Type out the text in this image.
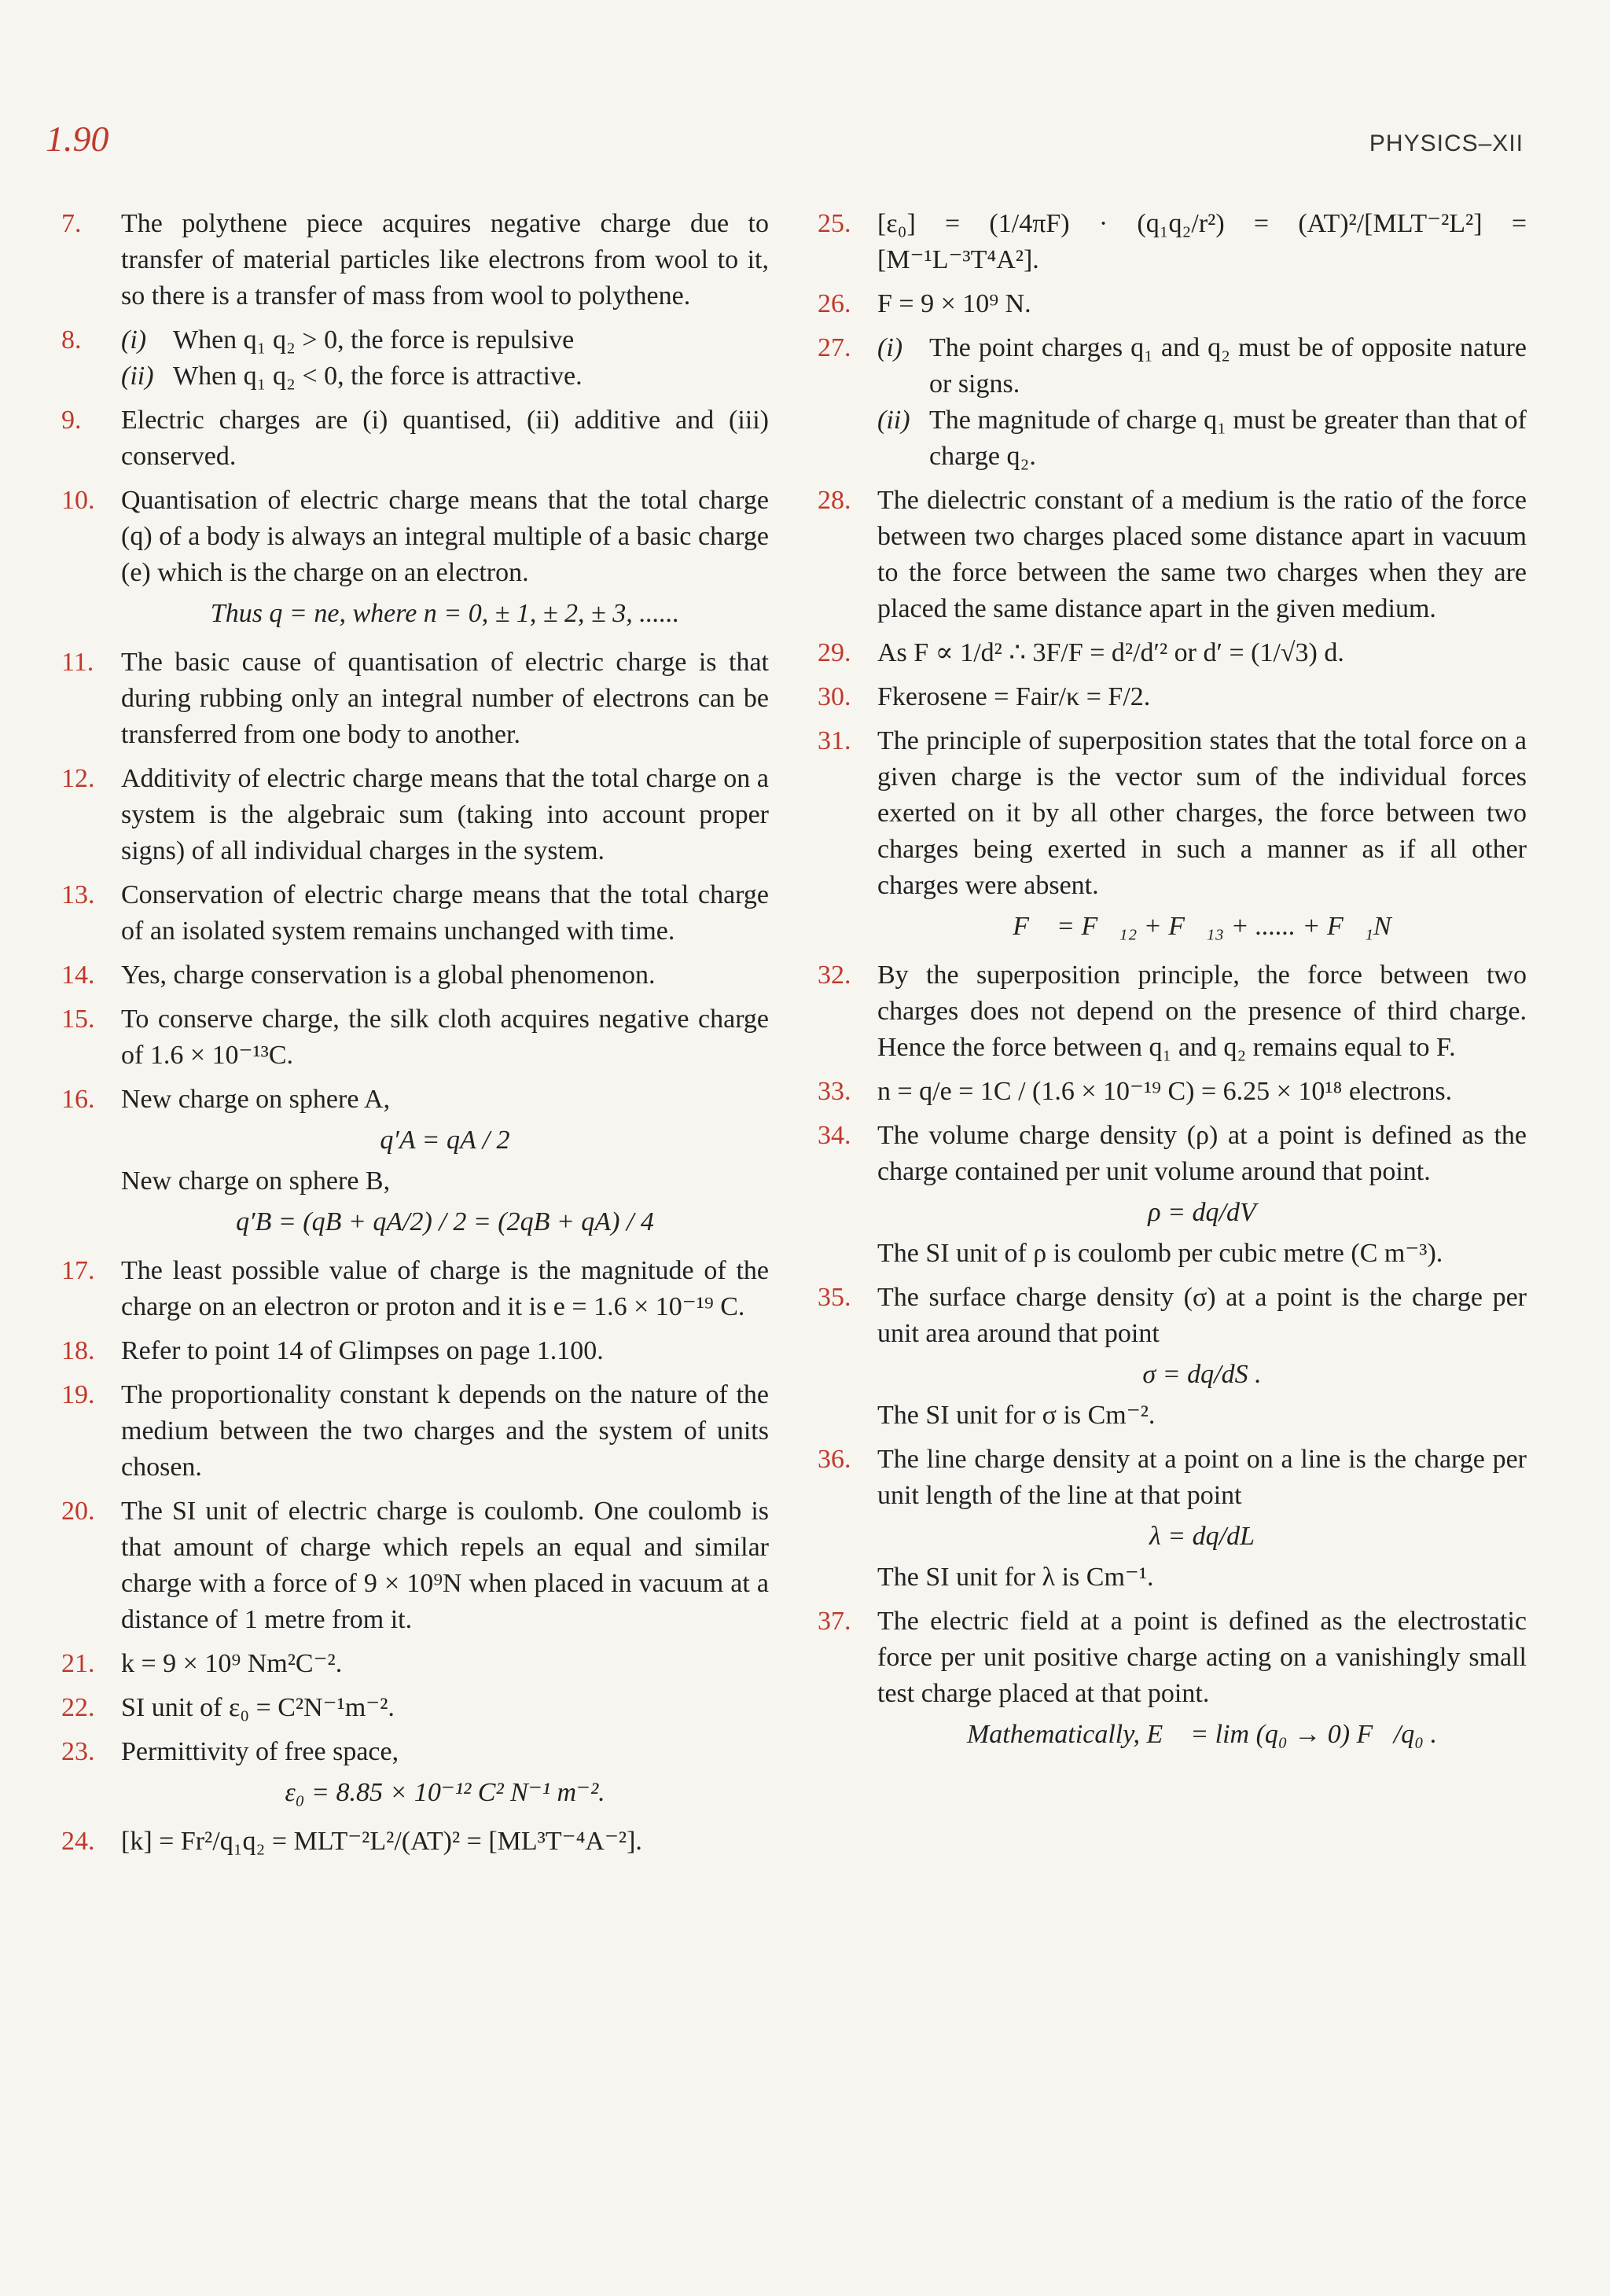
1.90	PHYSICS–XII
7.	The polythene piece acquires negative charge due to transfer of material particles like electrons from wool to it, so there is a transfer of mass from wool to polythene.

8.	(i) When q₁ q₂ > 0, the force is repulsive
(ii) When q₁ q₂ < 0, the force is attractive.
9.	Electric charges are (i) quantised, (ii) additive and (iii) conserved.

10. Quantisation of electric charge means that the total charge (q) of a body is always an integral multiple of a basic charge (e) which is the charge on an electron.

Thus q = ne, where n = 0, ± 1, ± 2, ± 3, ......
11.	The basic cause of quantisation of electric charge is that during rubbing only an integral number of electrons can be transferred from one body to another.

12. Additivity of electric charge means that the total charge on a system is the algebraic sum (taking into account proper signs) of all individual charges in the system.

13. Conservation of electric charge means that the total charge of an isolated system remains unchanged with time.

14. Yes, charge conservation is a global phenomenon.

15. To conserve charge, the silk cloth acquires negative charge of 1.6 × 10⁻¹³C.

16. New charge on sphere A,

q′A = qA / 2

New charge on sphere B,

q′B = (qB + qA/2) / 2 = (2qB + qA) / 4
17. The least possible value of charge is the magnitude of the charge on an electron or proton and it is e = 1.6 × 10⁻¹⁹ C.

18. Refer to point 14 of Glimpses on page 1.100.

19. The proportionality constant k depends on the nature of the medium between the two charges and the system of units chosen.

20. The SI unit of electric charge is coulomb. One coulomb is that amount of charge which repels an equal and similar charge with a force of 9 × 10⁹N when placed in vacuum at a distance of 1 metre from it.

21. k = 9 × 10⁹ Nm²C⁻².

22. SI unit of ε₀ = C²N⁻¹m⁻².

23. Permittivity of free space,

ε₀ = 8.85 × 10⁻¹² C² N⁻¹ m⁻².
24. [k] = Fr²/q₁q₂ = MLT⁻²L²/(AT)² = [ML³T⁻⁴A⁻²].

25. [ε₀] = (1/4πF) · (q₁q₂/r²) = (AT)²/[MLT⁻²L²] = [M⁻¹L⁻³T⁴A²].

26. F = 9 × 10⁹ N.

27. (i) The point charges q₁ and q₂ must be of opposite nature or signs.
(ii) The magnitude of charge q₁ must be greater than that of charge q₂.
28. The dielectric constant of a medium is the ratio of the force between two charges placed some distance apart in vacuum to the force between the same two charges when they are placed the same distance apart in the given medium.

29. As F ∝ 1/d² ∴ 3F/F = d²/d′² or d′ = (1/√3) d.

30. Fkerosene = Fair/κ = F/2.

31. The principle of superposition states that the total force on a given charge is the vector sum of the individual forces exerted on it by all other charges, the force between two charges being exerted in such a manner as if all other charges were absent.

F⃗ = F⃗₁₂ + F⃗₁₃ + ...... + F⃗₁N
32. By the superposition principle, the force between two charges does not depend on the presence of third charge. Hence the force between q₁ and q₂ remains equal to F.

33. n = q/e = 1C / (1.6 × 10⁻¹⁹ C) = 6.25 × 10¹⁸ electrons.

34. The volume charge density (ρ) at a point is defined as the charge contained per unit volume around that point.

ρ = dq/dV

The SI unit of ρ is coulomb per cubic metre (C m⁻³).

35. The surface charge density (σ) at a point is the charge per unit area around that point

σ = dq/dS .

The SI unit for σ is Cm⁻².

36. The line charge density at a point on a line is the charge per unit length of the line at that point

λ = dq/dL

The SI unit for λ is Cm⁻¹.

37. The electric field at a point is defined as the electrostatic force per unit positive charge acting on a vanishingly small test charge placed at that point.

Mathematically, E⃗ = lim (q₀ → 0) F⃗/q₀ .
